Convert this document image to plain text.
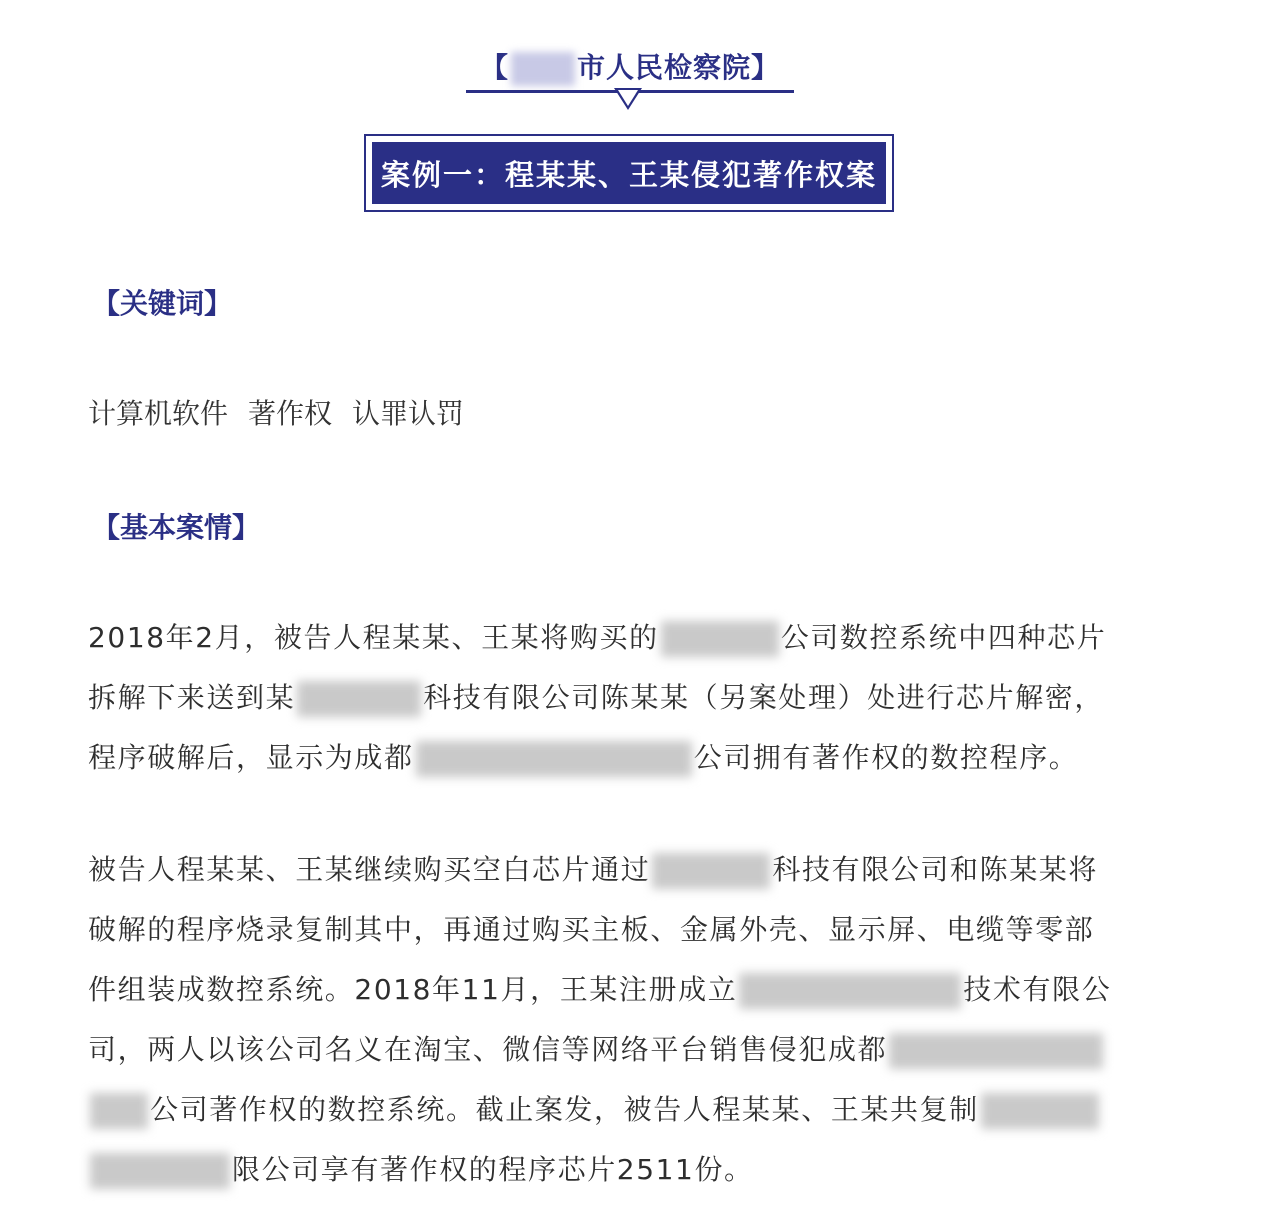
【 市人民检察院】
案例一：程某某、王某侵犯著作权案
【关键词】
计算机软件 著作权 认罪认罚
【基本案情】
2018年2月，被告人程某某、王某将购买的	公司数控系统中四种芯片
拆解下来送到某	科技有限公司陈某某（另案处理）处进行芯片解密，
程序破解后，显示为成都	公司拥有著作权的数控程序。
被告人程某某、王某继续购买空白芯片通过	科技有限公司和陈某某将
破解的程序烧录复制其中，再通过购买主板、金属外壳、显示屏、电缆等零部
件组装成数控系统。2018年11月，王某注册成立	技术有限公
司，两人以该公司名义在淘宝、微信等网络平台销售侵犯成都
公司著作权的数控系统。截止案发，被告人程某某、王某共复制
限公司享有著作权的程序芯片2511份。
